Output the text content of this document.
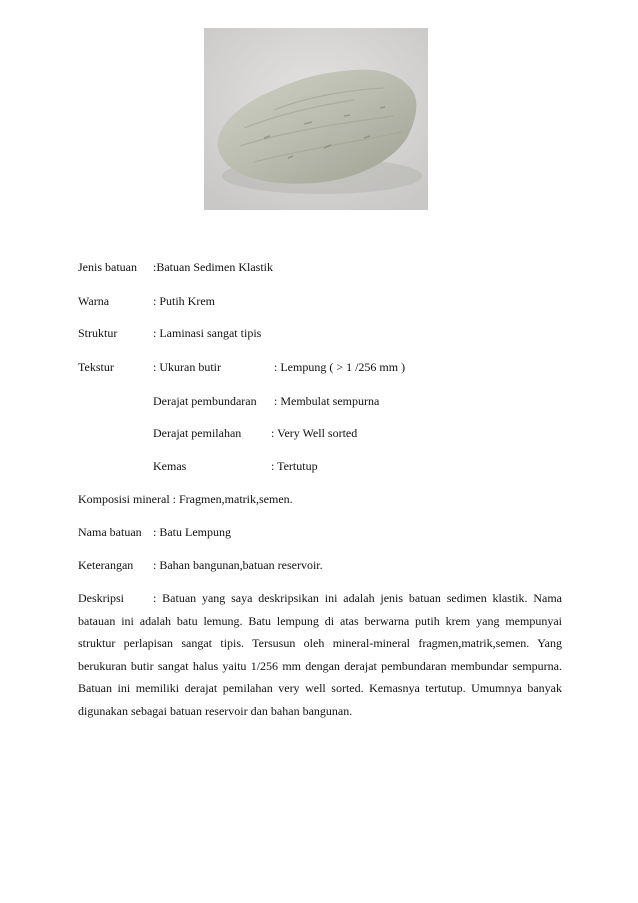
Jenis batuan :Batuan Sedimen Klastik
Warna	: Putih Krem
Struktur	: Laminasi sangat tipis
Tekstur	: Ukuran butir	: Lempung ( > 1 /256 mm )
Derajat pembundaran : Membulat sempurna
Derajat pemilahan : Very Well sorted
Kemas	: Tertutup
Komposisi mineral : Fragmen,matrik,semen.
Nama batuan : Batu Lempung
Keterangan : Bahan bangunan,batuan reservoir.
Deskripsi : Batuan yang saya deskripsikan ini adalah jenis batuan sedimen klastik. Nama batauan ini adalah batu lemung. Batu lempung di atas berwarna putih krem yang mempunyai struktur perlapisan sangat tipis. Tersusun oleh mineral-mineral fragmen,matrik,semen. Yang berukuran butir sangat halus yaitu 1/256 mm dengan derajat pembundaran membundar sempurna. Batuan ini memiliki derajat pemilahan very well sorted. Kemasnya tertutup. Umumnya banyak digunakan sebagai batuan reservoir dan bahan bangunan.
